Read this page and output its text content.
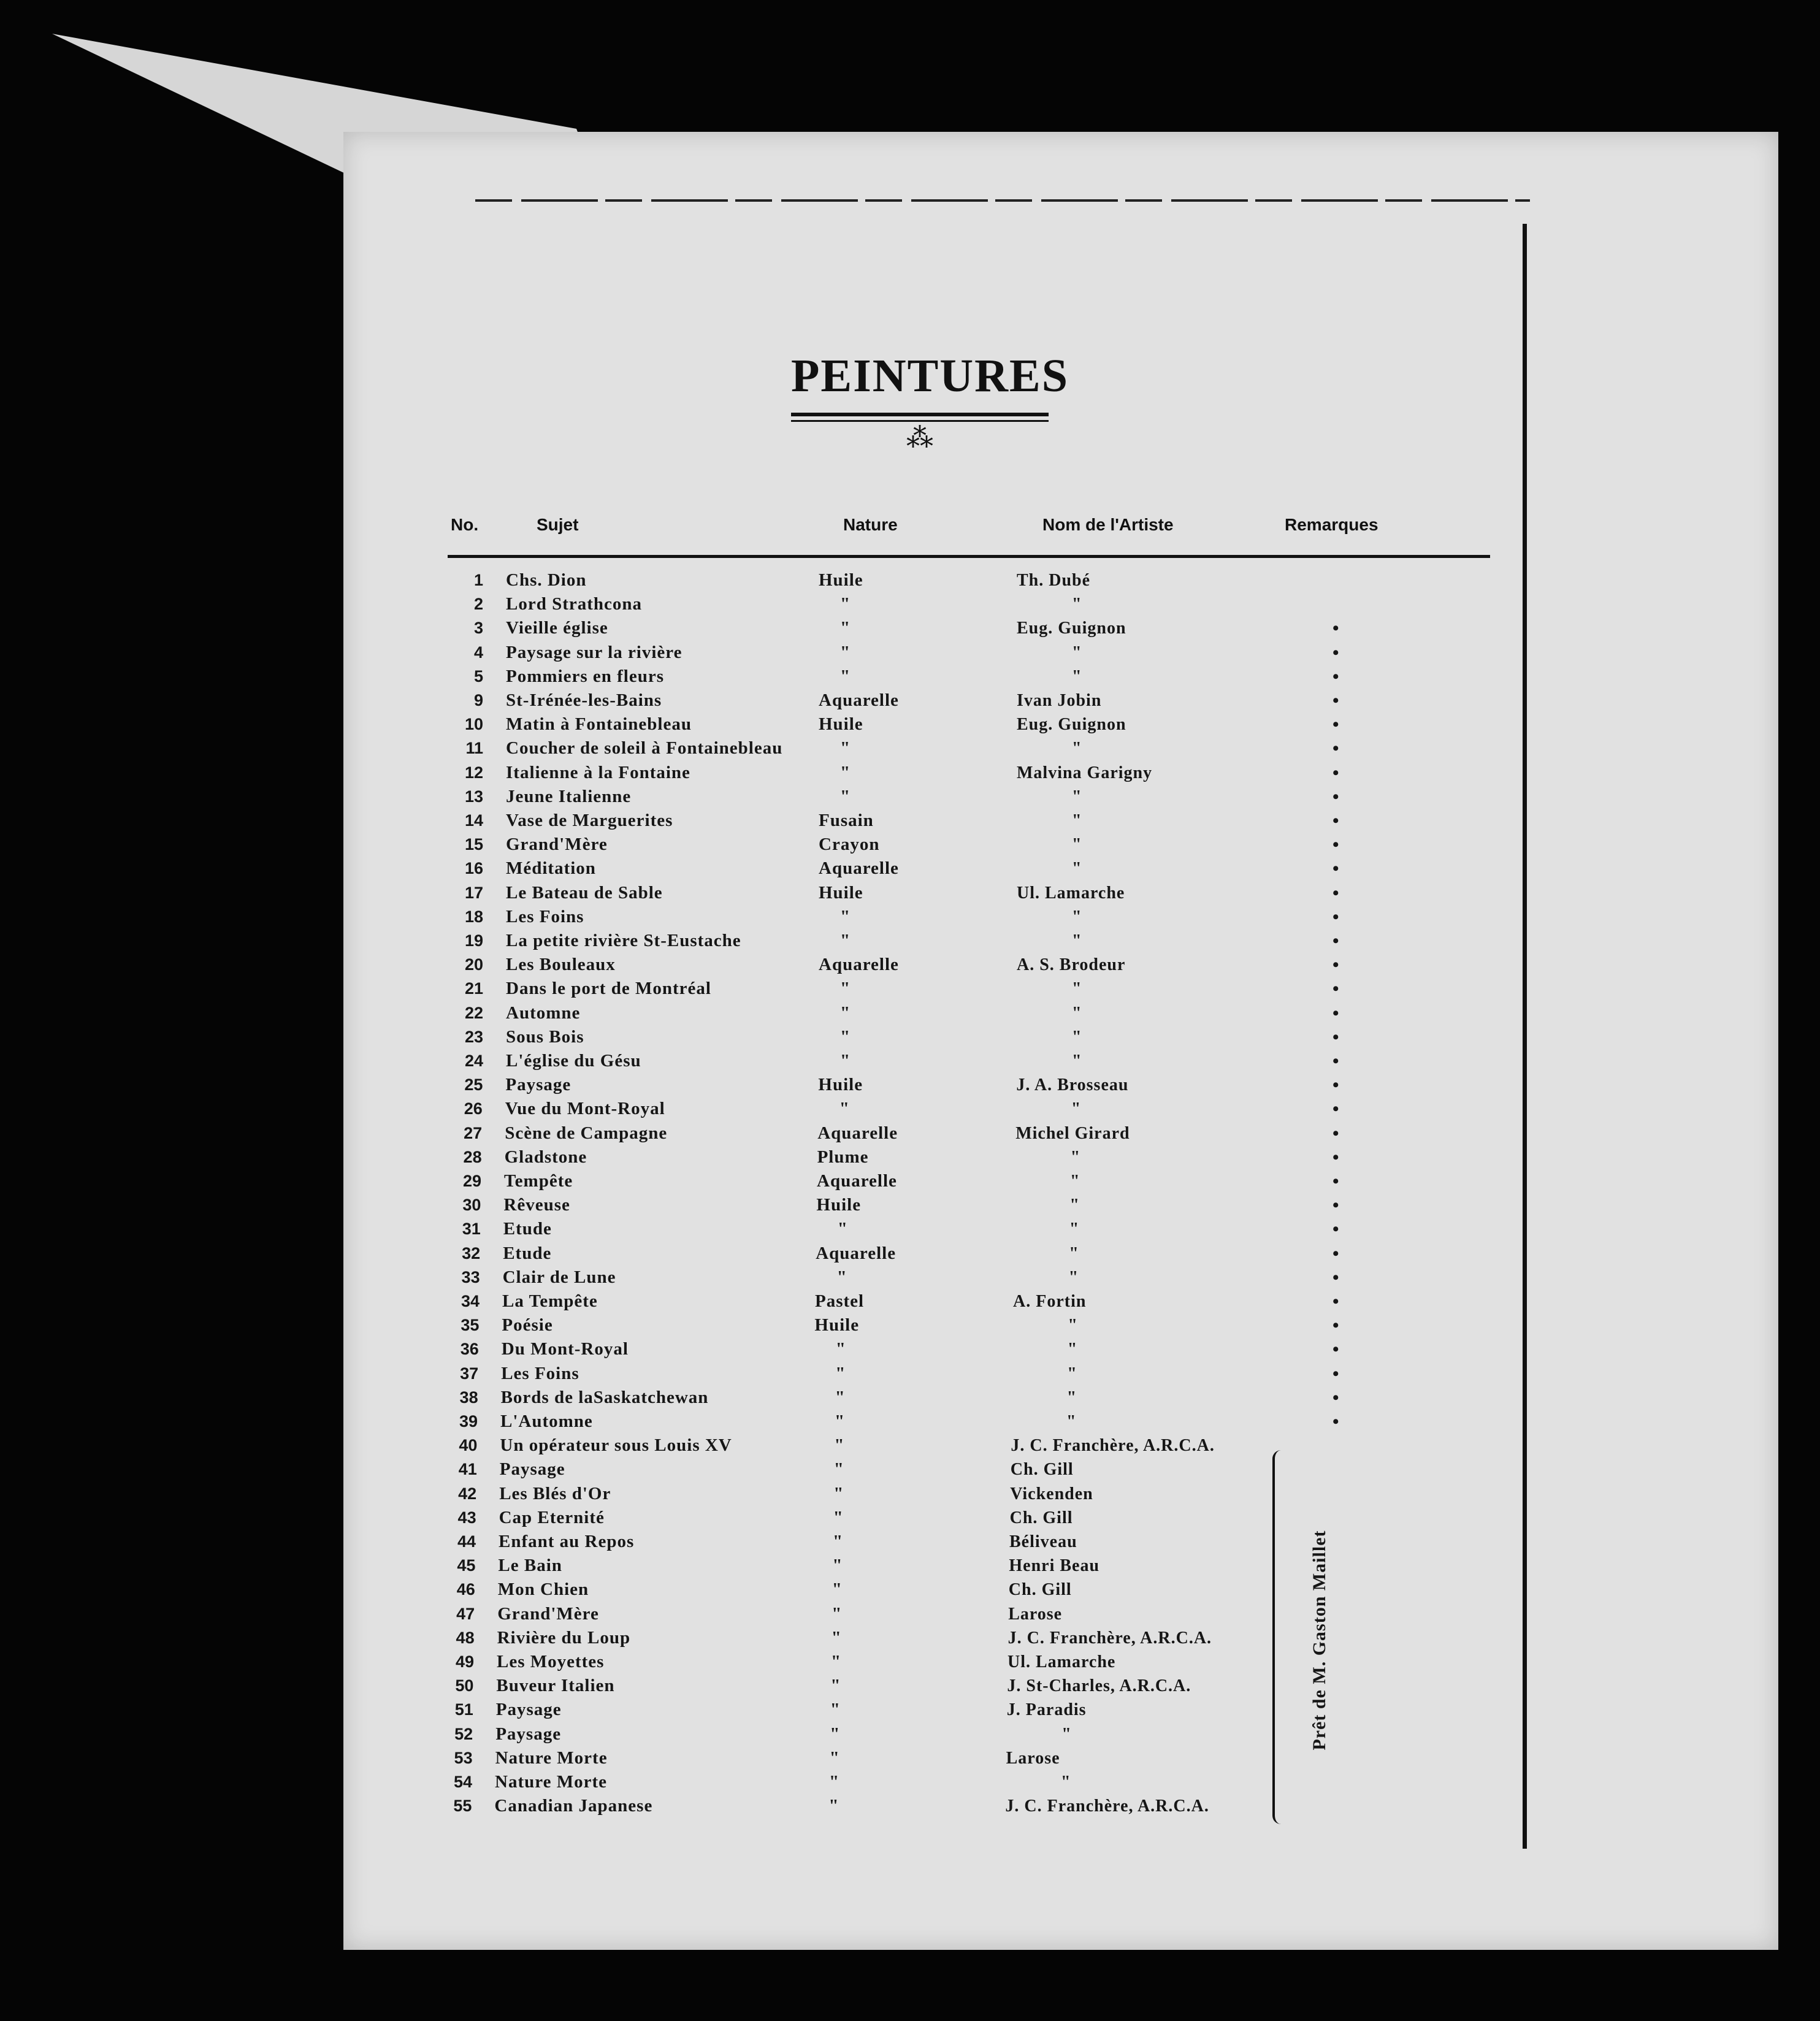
PEINTURES
⁂
No.	Sujet	Nature	Nom de l'Artiste	Remarques
1 Chs. Dion	Huile	Th. Dubé
2 Lord Strathcona	"	"
3 Vieille église	"	Eug. Guignon	•
4 Paysage sur la rivière	"	"	•
5 Pommiers en fleurs	"	"	•
9 St-Irénée-les-Bains	Aquarelle	Ivan Jobin	•
10 Matin à Fontainebleau	Huile	Eug. Guignon	•
11 Coucher de soleil à Fontainebleau	"	"	•
12 Italienne à la Fontaine	"	Malvina Garigny	•
13 Jeune Italienne	"	"	•
14 Vase de Marguerites	Fusain	"	•
15 Grand'Mère	Crayon	"	•
16 Méditation	Aquarelle	"	•
17 Le Bateau de Sable	Huile	Ul. Lamarche	•
18 Les Foins	"	"	•
19 La petite rivière St-Eustache	"	"	•
20 Les Bouleaux	Aquarelle	A. S. Brodeur	•
21 Dans le port de Montréal	"	"	•
22 Automne	"	"	•
23 Sous Bois	"	"	•
24 L'église du Gésu	"	"	•
25 Paysage	Huile	J. A. Brosseau	•
26 Vue du Mont-Royal	"	"	•
27 Scène de Campagne	Aquarelle	Michel Girard	•
28 Gladstone	Plume	"	•
29 Tempête	Aquarelle	"	•
30 Rêveuse	Huile	"	•
31 Etude	"	"	•
32 Etude	Aquarelle	"	•
33 Clair de Lune	"	"	•
34 La Tempête	Pastel	A. Fortin	•
35 Poésie	Huile	"	•
36 Du Mont-Royal	"	"	•
37 Les Foins	"	"	•
38 Bords de laSaskatchewan	"	"	•
39 L'Automne	"	"	•
40 Un opérateur sous Louis XV	"	J. C. Franchère, A.R.C.A.
41 Paysage	"	Ch. Gill
42 Les Blés d'Or	"	Vickenden
43 Cap Eternité	"	Ch. Gill
44 Enfant au Repos	"	Béliveau
45 Le Bain	"	Henri Beau
46 Mon Chien	"	Ch. Gill
47 Grand'Mère	"	Larose
48 Rivière du Loup	"	J. C. Franchère, A.R.C.A.
49 Les Moyettes	"	Ul. Lamarche
50 Buveur Italien	"	J. St-Charles, A.R.C.A.
51 Paysage	"	J. Paradis
52 Paysage	"	"
53 Nature Morte	"	Larose
54 Nature Morte	"	"
55 Canadian Japanese	"	J. C. Franchère, A.R.C.A.
Prêt de M. Gaston Maillet
